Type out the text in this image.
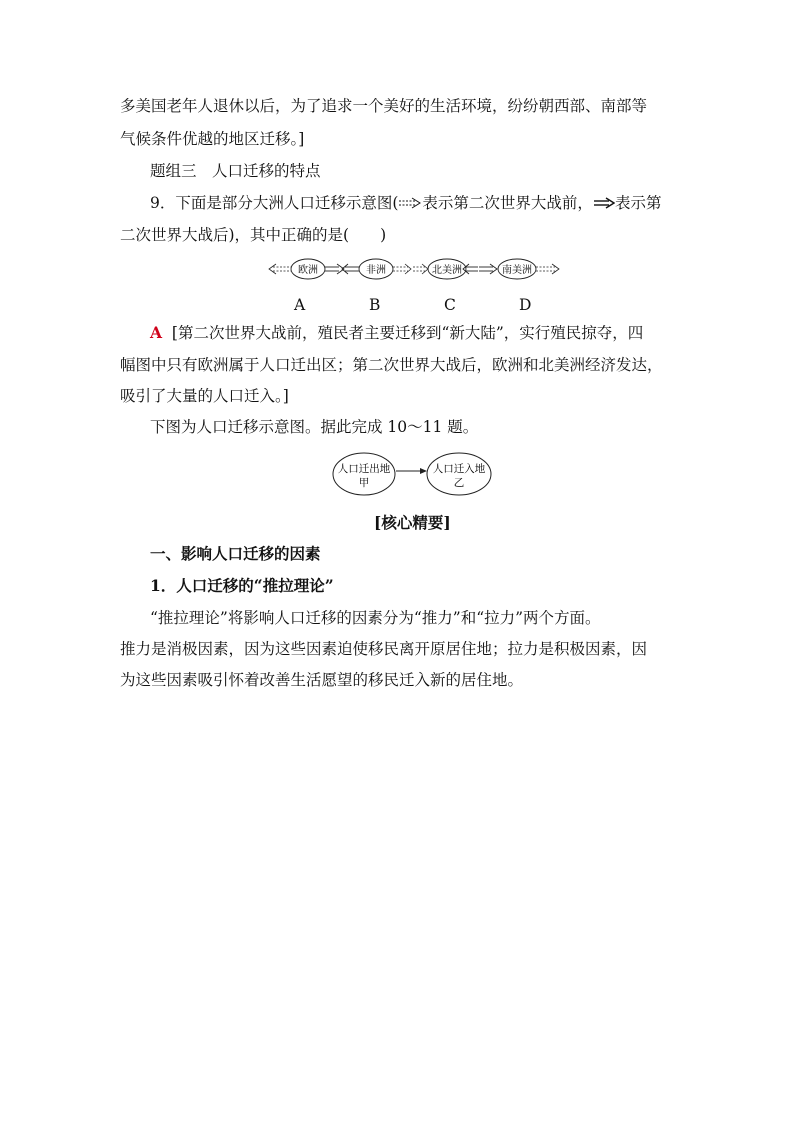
多美国老年人退休以后，为了追求一个美好的生活环境，纷纷朝西部、南部等
气候条件优越的地区迁移。]
题组三　人口迁移的特点
9．下面是部分大洲人口迁移示意图( 表示第二次世界大战前， 表示第
二次世界大战后)，其中正确的是(　　)
欧洲	非洲	北美洲	南美洲
A	B	C	D
A [第二次世界大战前，殖民者主要迁移到“新大陆”，实行殖民掠夺，四
幅图中只有欧洲属于人口迁出区；第二次世界大战后，欧洲和北美洲经济发达，
吸引了大量的人口迁入。]
下图为人口迁移示意图。据此完成 10～11 题。
人口迁出地
甲
人口迁入地
乙
[核心精要]
一、影响人口迁移的因素
1．人口迁移的“推拉理论”
“推拉理论”将影响人口迁移的因素分为“推力”和“拉力”两个方面。
推力是消极因素，因为这些因素迫使移民离开原居住地；拉力是积极因素，因
为这些因素吸引怀着改善生活愿望的移民迁入新的居住地。
